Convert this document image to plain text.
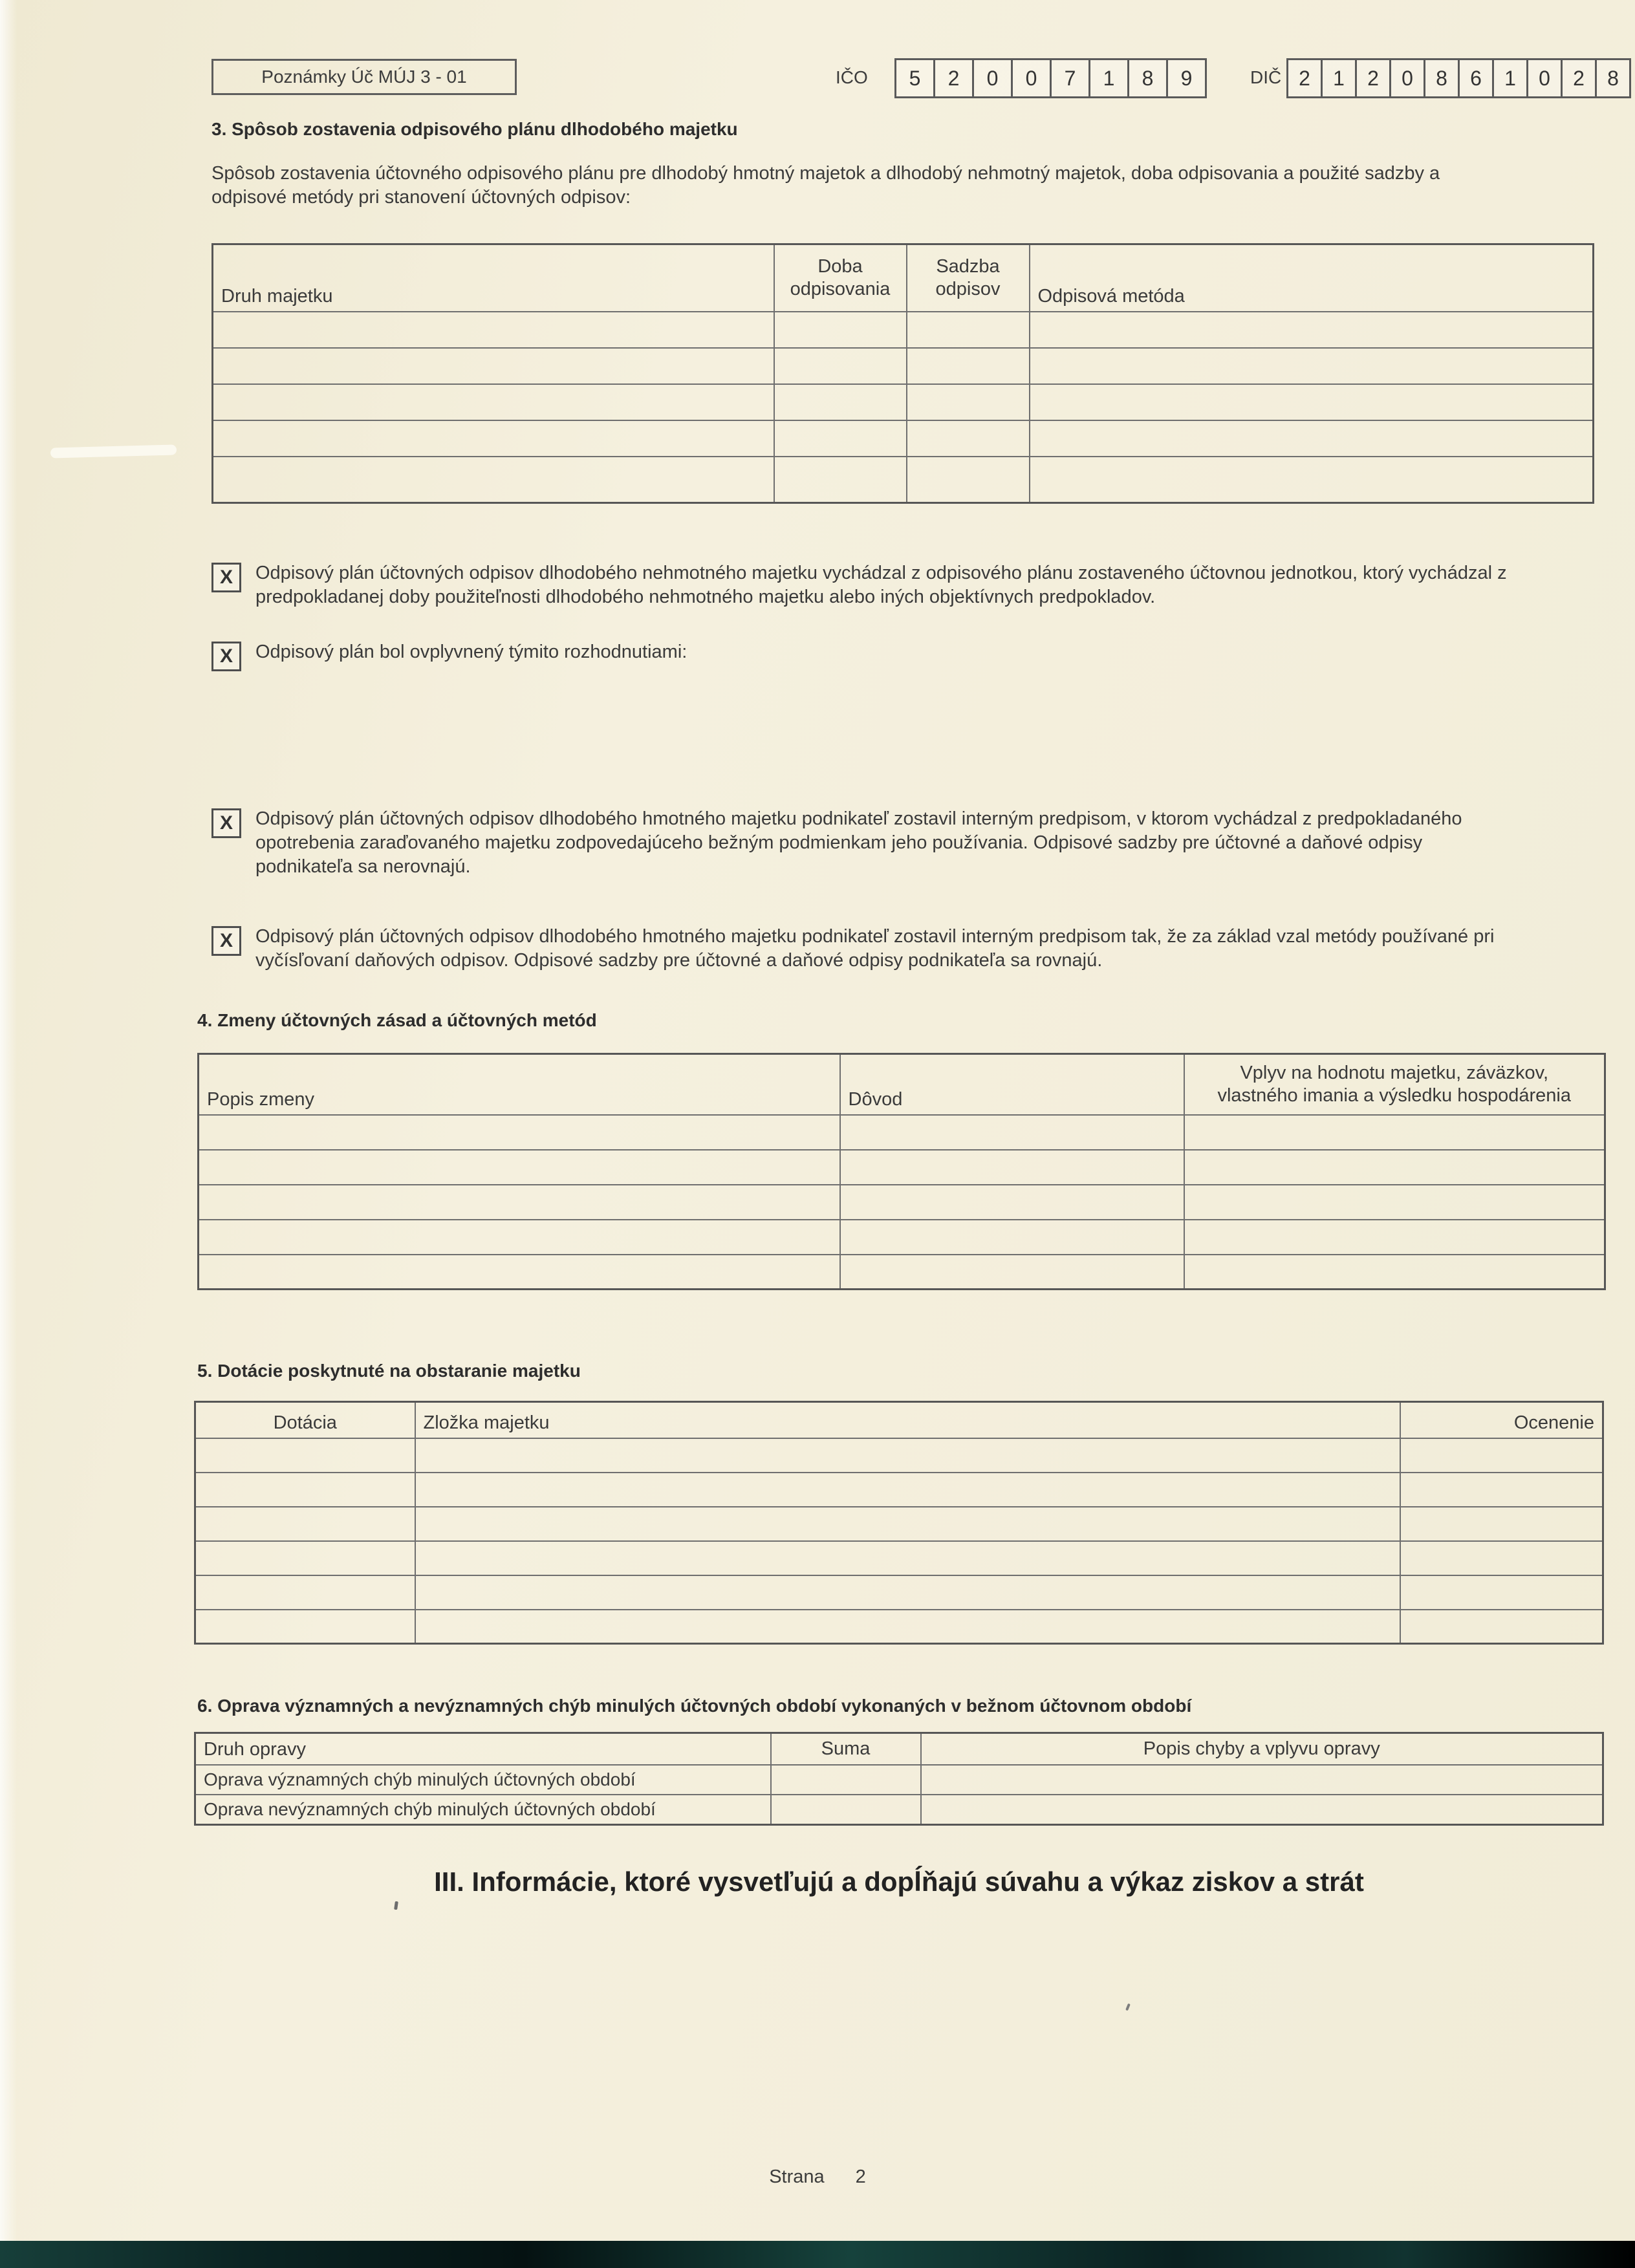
Poznámky Úč MÚJ 3 - 01	IČO	5	2	0	0	7	1	8	9	DIČ 2	1	2	0	8	6	1	0	2	8
3. Spôsob zostavenia odpisového plánu dlhodobého majetku

Spôsob zostavenia účtovného odpisového plánu pre dlhodobý hmotný majetok a dlhodobý nehmotný majetok, doba odpisovania a použité sadzby a odpisové metódy pri stanovení účtovných odpisov:

Druh majetku	Doba odpisovania	Sadzba odpisov	Odpisová metóda

X	Odpisový plán účtovných odpisov dlhodobého nehmotného majetku vychádzal z odpisového plánu zostaveného účtovnou jednotkou, ktorý vychádzal z predpokladanej doby použiteľnosti dlhodobého nehmotného majetku alebo iných objektívnych predpokladov.
X	Odpisový plán bol ovplyvnený týmito rozhodnutiami:
X	Odpisový plán účtovných odpisov dlhodobého hmotného majetku podnikateľ zostavil interným predpisom, v ktorom vychádzal z predpokladaného opotrebenia zaraďovaného majetku zodpovedajúceho bežným podmienkam jeho používania. Odpisové sadzby pre účtovné a daňové odpisy podnikateľa sa nerovnajú.
X	Odpisový plán účtovných odpisov dlhodobého hmotného majetku podnikateľ zostavil interným predpisom tak, že za základ vzal metódy používané pri vyčísľovaní daňových odpisov. Odpisové sadzby pre účtovné a daňové odpisy podnikateľa sa rovnajú.
4. Zmeny účtovných zásad a účtovných metód
Popis zmeny	Dôvod	Vplyv na hodnotu majetku, záväzkov, vlastného imania a výsledku hospodárenia

5. Dotácie poskytnuté na obstaranie majetku
Dotácia	Zložka majetku	Ocenenie

6. Oprava významných a nevýznamných chýb minulých účtovných období vykonaných v bežnom účtovnom období
Druh opravy	Suma	Popis chyby a vplyvu opravy
Oprava významných chýb minulých účtovných období		
Oprava nevýznamných chýb minulých účtovných období		
III. Informácie, ktoré vysvetľujú a dopĺňajú súvahu a výkaz ziskov a strát
Strana 2
